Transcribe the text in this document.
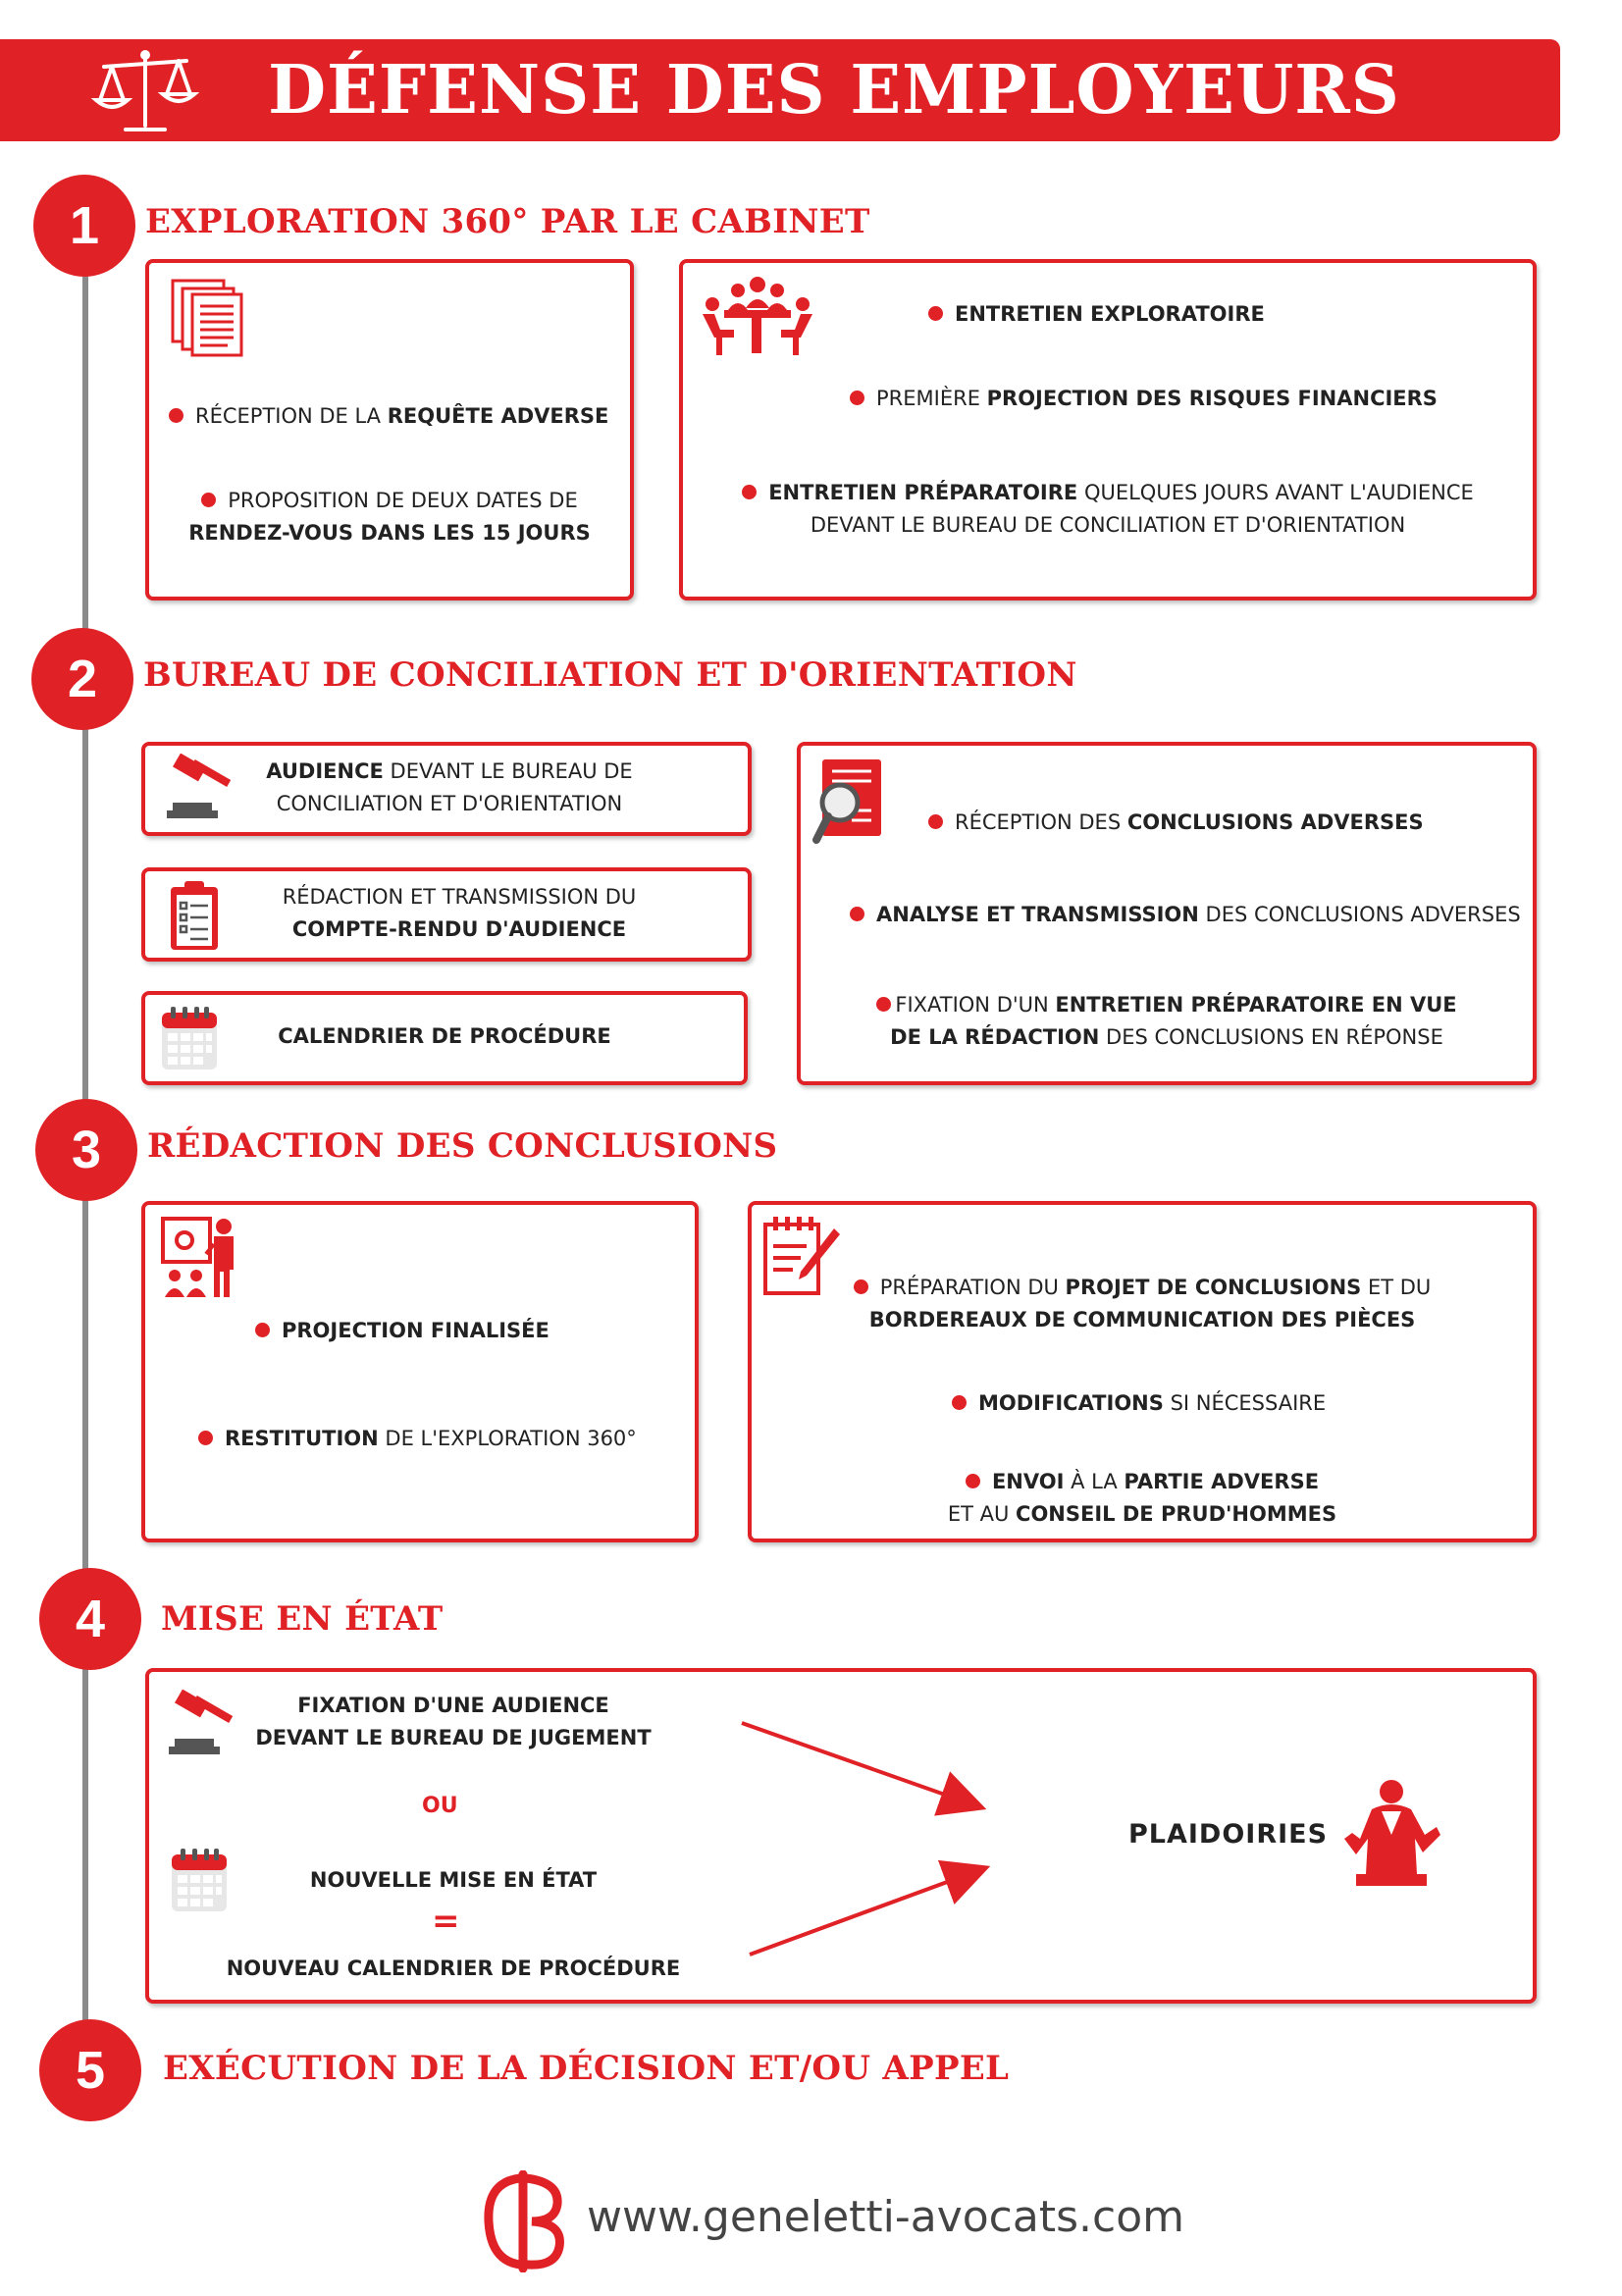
DÉFENSE DES EMPLOYEURS
1	EXPLORATION 360° PAR LE CABINET
RÉCEPTION DE LA REQUÊTE ADVERSE
PROPOSITION DE DEUX DATES DE
RENDEZ-VOUS DANS LES 15 JOURS
ENTRETIEN EXPLORATOIRE
PREMIÈRE PROJECTION DES RISQUES FINANCIERS
ENTRETIEN PRÉPARATOIRE QUELQUES JOURS AVANT L'AUDIENCE
DEVANT LE BUREAU DE CONCILIATION ET D'ORIENTATION
2	BUREAU DE CONCILIATION ET D'ORIENTATION
AUDIENCE DEVANT LE BUREAU DE
CONCILIATION ET D'ORIENTATION
RÉDACTION ET TRANSMISSION DU
COMPTE-RENDU D'AUDIENCE
CALENDRIER DE PROCÉDURE
RÉCEPTION DES CONCLUSIONS ADVERSES
ANALYSE ET TRANSMISSION DES CONCLUSIONS ADVERSES
FIXATION D'UN ENTRETIEN PRÉPARATOIRE EN VUE
DE LA RÉDACTION DES CONCLUSIONS EN RÉPONSE
3	RÉDACTION DES CONCLUSIONS
PROJECTION FINALISÉE
RESTITUTION DE L'EXPLORATION 360°
PRÉPARATION DU PROJET DE CONCLUSIONS ET DU
BORDEREAUX DE COMMUNICATION DES PIÈCES
MODIFICATIONS SI NÉCESSAIRE
ENVOI À LA PARTIE ADVERSE
ET AU CONSEIL DE PRUD'HOMMES
4	MISE EN ÉTAT
FIXATION D'UNE AUDIENCE
DEVANT LE BUREAU DE JUGEMENT
OU
NOUVELLE MISE EN ÉTAT
=
NOUVEAU CALENDRIER DE PROCÉDURE
PLAIDOIRIES
5	EXÉCUTION DE LA DÉCISION ET/OU APPEL
www.geneletti-avocats.com
